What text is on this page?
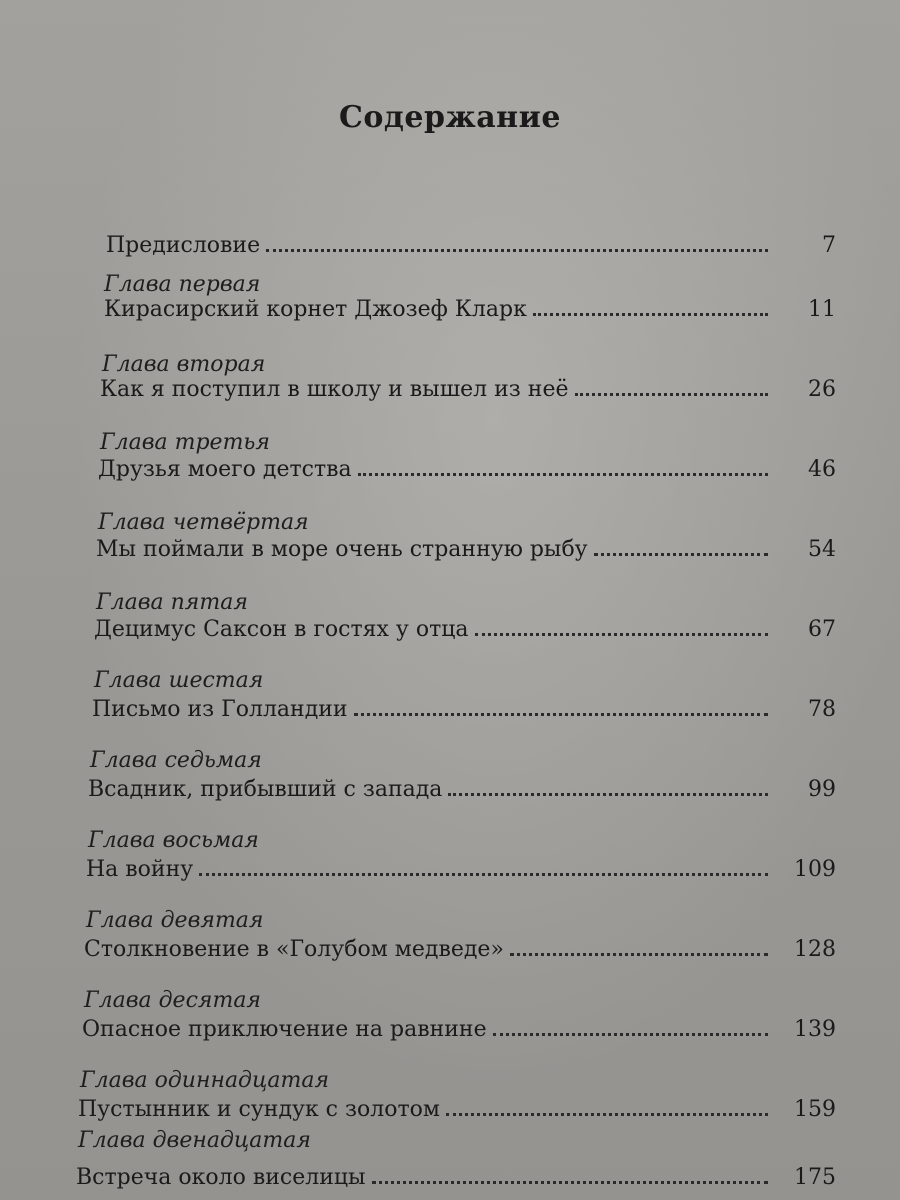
Содержание
Предисловие	7
Глава первая
Кирасирский корнет Джозеф Кларк	11
Глава вторая
Как я поступил в школу и вышел из неё	26
Глава третья
Друзья моего детства	46
Глава четвёртая
Мы поймали в море очень странную рыбу	54
Глава пятая
Децимус Саксон в гостях у отца	67
Глава шестая
Письмо из Голландии	78
Глава седьмая
Всадник, прибывший с запада	99
Глава восьмая
На войну	109
Глава девятая
Столкновение в «Голубом медведе»	128
Глава десятая
Опасное приключение на равнине	139
Глава одиннадцатая
Пустынник и сундук с золотом	159
Глава двенадцатая
Встреча около виселицы	175
